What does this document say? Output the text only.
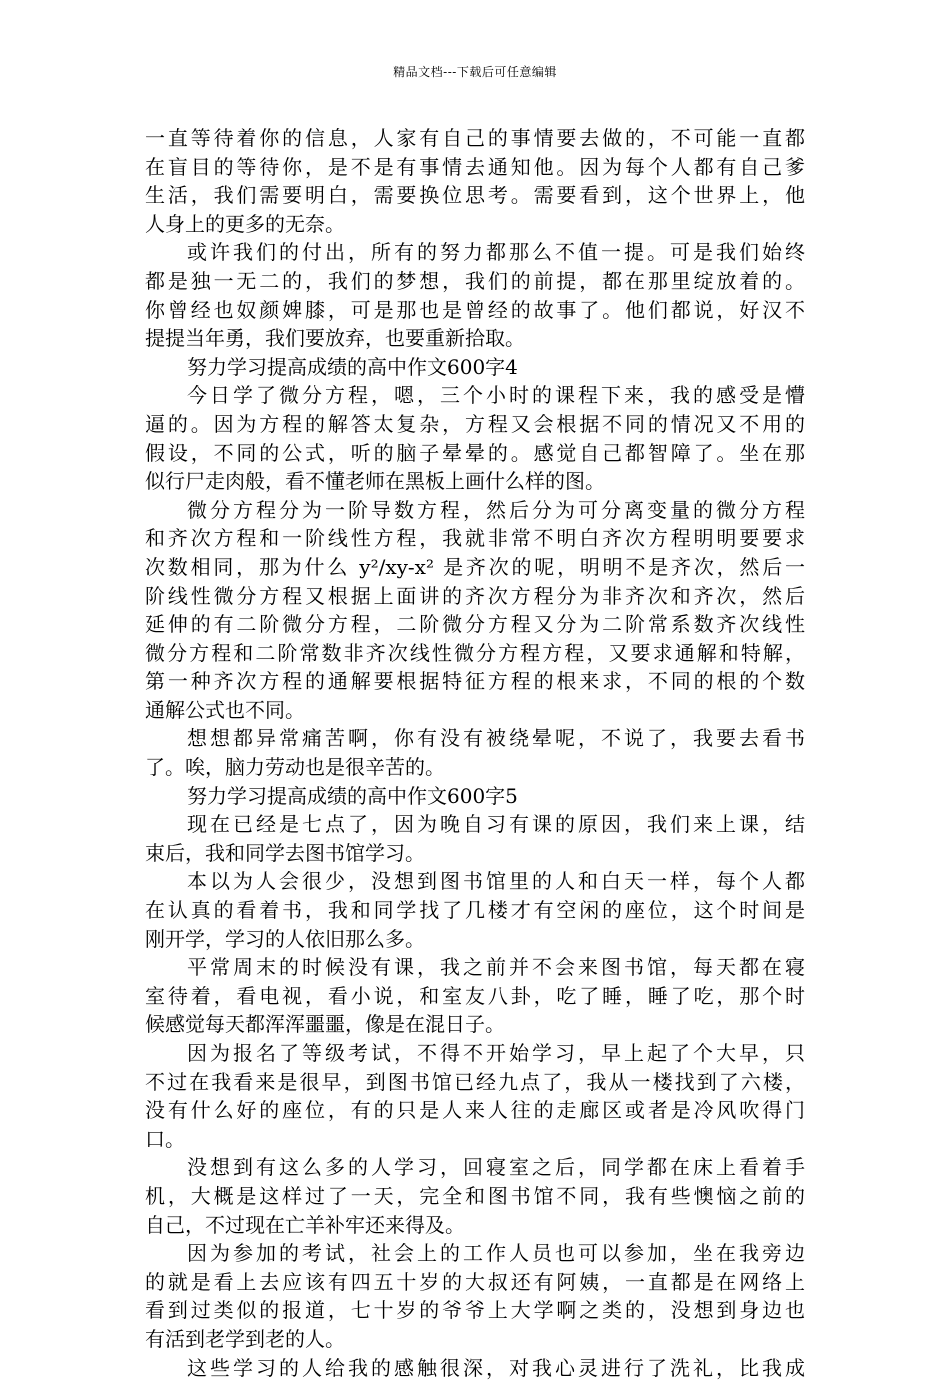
精品文档---下载后可任意编辑
一直等待着你的信息，人家有自己的事情要去做的，不可能一直都
在盲目的等待你，是不是有事情去通知他。因为每个人都有自己爹
生活，我们需要明白，需要换位思考。需要看到，这个世界上，他
人身上的更多的无奈。
或许我们的付出，所有的努力都那么不值一提。可是我们始终
都是独一无二的，我们的梦想，我们的前提，都在那里绽放着的。
你曾经也奴颜婢膝，可是那也是曾经的故事了。他们都说，好汉不
提提当年勇，我们要放弃，也要重新拾取。
努力学习提高成绩的高中作文600字4
今日学了微分方程，嗯，三个小时的课程下来，我的感受是懵
逼的。因为方程的解答太复杂，方程又会根据不同的情况又不用的
假设，不同的公式，听的脑子晕晕的。感觉自己都智障了。坐在那
似行尸走肉般，看不懂老师在黑板上画什么样的图。
微分方程分为一阶导数方程，然后分为可分离变量的微分方程
和齐次方程和一阶线性方程，我就非常不明白齐次方程明明要要求
次数相同，那为什么 y²/xy-x² 是齐次的呢，明明不是齐次，然后一
阶线性微分方程又根据上面讲的齐次方程分为非齐次和齐次，然后
延伸的有二阶微分方程，二阶微分方程又分为二阶常系数齐次线性
微分方程和二阶常数非齐次线性微分方程方程，又要求通解和特解，
第一种齐次方程的通解要根据特征方程的根来求，不同的根的个数
通解公式也不同。
想想都异常痛苦啊，你有没有被绕晕呢，不说了，我要去看书
了。唉，脑力劳动也是很辛苦的。
努力学习提高成绩的高中作文600字5
现在已经是七点了，因为晚自习有课的原因，我们来上课，结
束后，我和同学去图书馆学习。
本以为人会很少，没想到图书馆里的人和白天一样，每个人都
在认真的看着书，我和同学找了几楼才有空闲的座位，这个时间是
刚开学，学习的人依旧那么多。
平常周末的时候没有课，我之前并不会来图书馆，每天都在寝
室待着，看电视，看小说，和室友八卦，吃了睡，睡了吃，那个时
候感觉每天都浑浑噩噩，像是在混日子。
因为报名了等级考试，不得不开始学习，早上起了个大早，只
不过在我看来是很早，到图书馆已经九点了，我从一楼找到了六楼，
没有什么好的座位，有的只是人来人往的走廊区或者是冷风吹得门
口。
没想到有这么多的人学习，回寝室之后，同学都在床上看着手
机，大概是这样过了一天，完全和图书馆不同，我有些懊恼之前的
自己，不过现在亡羊补牢还来得及。
因为参加的考试，社会上的工作人员也可以参加，坐在我旁边
的就是看上去应该有四五十岁的大叔还有阿姨，一直都是在网络上
看到过类似的报道，七十岁的爷爷上大学啊之类的，没想到身边也
有活到老学到老的人。
这些学习的人给我的感触很深，对我心灵进行了洗礼，比我成
